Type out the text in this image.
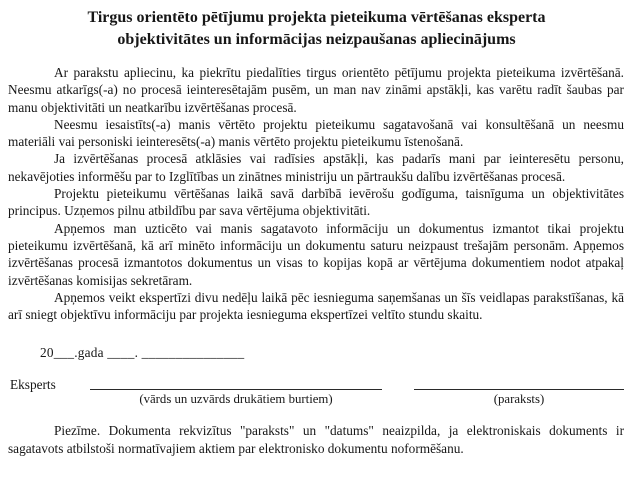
Tirgus orientēto pētījumu projekta pieteikuma vērtēšanas eksperta
objektivitātes un informācijas neizpaušanas apliecinājums

Ar parakstu apliecinu, ka piekrītu piedalīties tirgus orientēto pētījumu projekta pieteikuma izvērtēšanā. Neesmu atkarīgs(-a) no procesā ieinteresētajām pusēm, un man nav zināmi apstākļi, kas varētu radīt šaubas par manu objektivitāti un neatkarību izvērtēšanas procesā.

Neesmu iesaistīts(-a) manis vērtēto projektu pieteikumu sagatavošanā vai konsultēšanā un neesmu materiāli vai personiski ieinteresēts(-a) manis vērtēto projektu pieteikumu īstenošanā.

Ja izvērtēšanas procesā atklāsies vai radīsies apstākļi, kas padarīs mani par ieinteresētu personu, nekavējoties informēšu par to Izglītības un zinātnes ministriju un pārtraukšu dalību izvērtēšanas procesā.

Projektu pieteikumu vērtēšanas laikā savā darbībā ievērošu godīguma, taisnīguma un objektivitātes principus. Uzņemos pilnu atbildību par sava vērtējuma objektivitāti.

Apņemos man uzticēto vai manis sagatavoto informāciju un dokumentus izmantot tikai projektu pieteikumu izvērtēšanā, kā arī minēto informāciju un dokumentu saturu neizpaust trešajām personām. Apņemos izvērtēšanas procesā izmantotos dokumentus un visas to kopijas kopā ar vērtējuma dokumentiem nodot atpakaļ izvērtēšanas komisijas sekretāram.

Apņemos veikt ekspertīzi divu nedēļu laikā pēc iesnieguma saņemšanas un šīs veidlapas parakstīšanas, kā arī sniegt objektīvu informāciju par projekta iesnieguma ekspertīzei veltīto stundu skaitu.

20___.gada ____. _______________
Eksperts
(vārds un uzvārds drukātiem burtiem)	(paraksts)

Piezīme. Dokumenta rekvizītus "paraksts" un "datums" neaizpilda, ja elektroniskais dokuments ir sagatavots atbilstoši normatīvajiem aktiem par elektronisko dokumentu noformēšanu.
